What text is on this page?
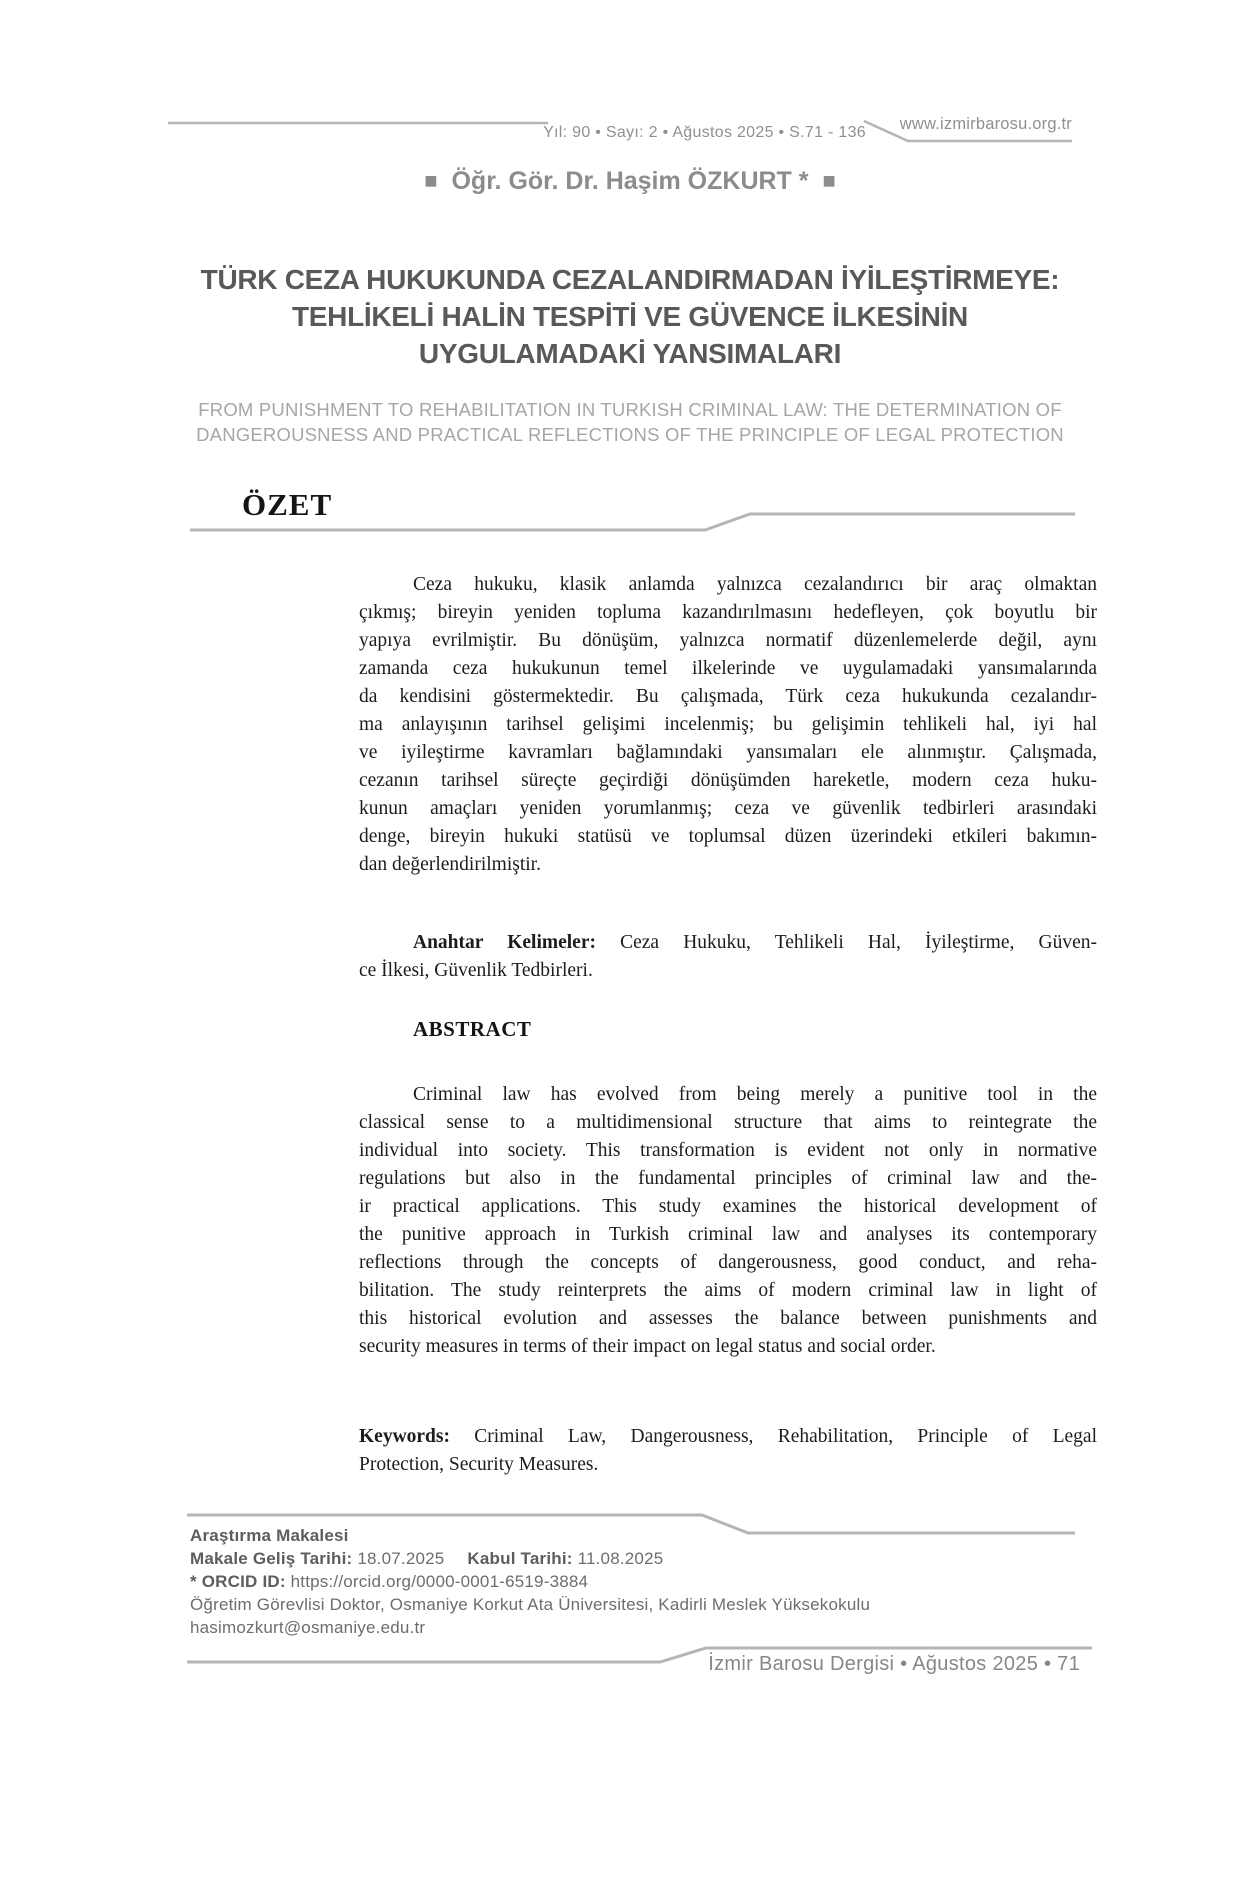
Yıl: 90 • Sayı: 2 • Ağustos 2025 • S.71 - 136 www.izmirbarosu.org.tr
■ Öğr. Gör. Dr. Haşim ÖZKURT * ■
TÜRK CEZA HUKUKUNDA CEZALANDIRMADAN İYİLEŞTİRMEYE:
TEHLİKELİ HALİN TESPİTİ VE GÜVENCE İLKESİNİN
UYGULAMADAKİ YANSIMALARI
FROM PUNISHMENT TO REHABILITATION IN TURKISH CRIMINAL LAW: THE DETERMINATION OF
DANGEROUSNESS AND PRACTICAL REFLECTIONS OF THE PRINCIPLE OF LEGAL PROTECTION
ÖZET
Ceza hukuku, klasik anlamda yalnızca cezalandırıcı bir araç olmaktan
çıkmış; bireyin yeniden topluma kazandırılmasını hedefleyen, çok boyutlu bir
yapıya evrilmiştir. Bu dönüşüm, yalnızca normatif düzenlemelerde değil, aynı
zamanda ceza hukukunun temel ilkelerinde ve uygulamadaki yansımalarında
da kendisini göstermektedir. Bu çalışmada, Türk ceza hukukunda cezalandır-
ma anlayışının tarihsel gelişimi incelenmiş; bu gelişimin tehlikeli hal, iyi hal
ve iyileştirme kavramları bağlamındaki yansımaları ele alınmıştır. Çalışmada,
cezanın tarihsel süreçte geçirdiği dönüşümden hareketle, modern ceza huku-
kunun amaçları yeniden yorumlanmış; ceza ve güvenlik tedbirleri arasındaki
denge, bireyin hukuki statüsü ve toplumsal düzen üzerindeki etkileri bakımın-
dan değerlendirilmiştir.
Anahtar Kelimeler: Ceza Hukuku, Tehlikeli Hal, İyileştirme, Güven-
ce İlkesi, Güvenlik Tedbirleri.
ABSTRACT
Criminal law has evolved from being merely a punitive tool in the
classical sense to a multidimensional structure that aims to reintegrate the
individual into society. This transformation is evident not only in normative
regulations but also in the fundamental principles of criminal law and the-
ir practical applications. This study examines the historical development of
the punitive approach in Turkish criminal law and analyses its contemporary
reflections through the concepts of dangerousness, good conduct, and reha-
bilitation. The study reinterprets the aims of modern criminal law in light of
this historical evolution and assesses the balance between punishments and
security measures in terms of their impact on legal status and social order.
Keywords: Criminal Law, Dangerousness, Rehabilitation, Principle of Legal
Protection, Security Measures.
Araştırma Makalesi
Makale Geliş Tarihi: 18.07.2025 Kabul Tarihi: 11.08.2025
* ORCID ID: https://orcid.org/0000-0001-6519-3884
Öğretim Görevlisi Doktor, Osmaniye Korkut Ata Üniversitesi, Kadirli Meslek Yüksekokulu
hasimozkurt@osmaniye.edu.tr
İzmir Barosu Dergisi • Ağustos 2025 • 71
